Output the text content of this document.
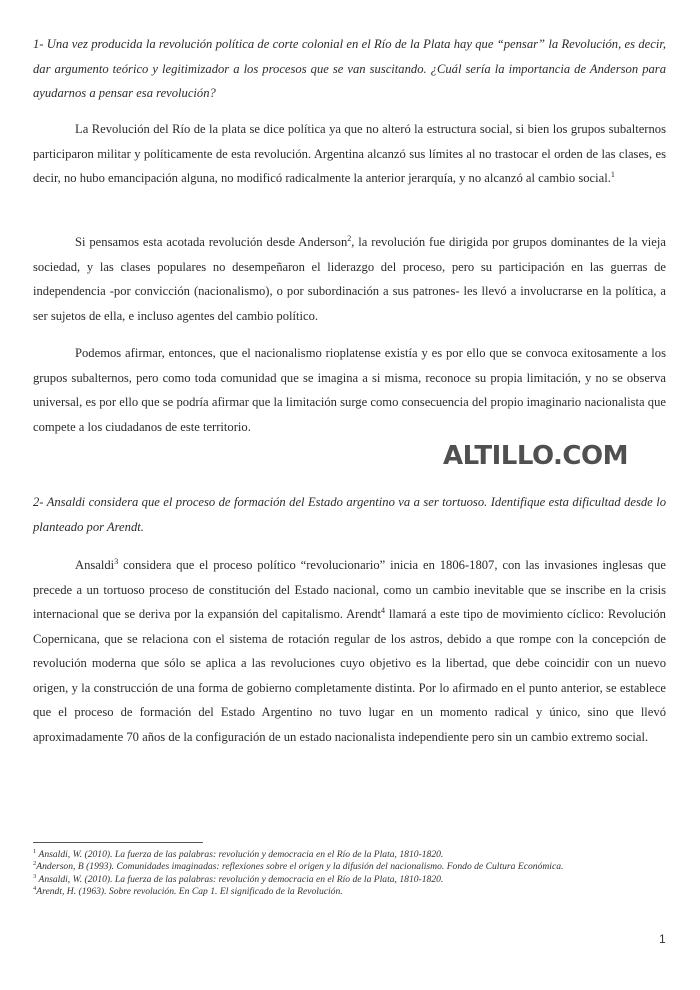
1- Una vez producida la revolución política de corte colonial en el Río de la Plata hay que “pensar” la Revolución, es decir, dar argumento teórico y legitimizador a los procesos que se van suscitando. ¿Cuál sería la importancia de Anderson para ayudarnos a pensar esa revolución?

La Revolución del Río de la plata se dice política ya que no alteró la estructura social, si bien los grupos subalternos participaron militar y políticamente de esta revolución. Argentina alcanzó sus límites al no trastocar el orden de las clases, es decir, no hubo emancipación alguna, no modificó radicalmente la anterior jerarquía, y no alcanzó al cambio social.$^1$

Si pensamos esta acotada revolución desde Anderson$^2$, la revolución fue dirigida por grupos dominantes de la vieja sociedad, y las clases populares no desempeñaron el liderazgo del proceso, pero su participación en las guerras de independencia -por convicción (nacionalismo), o por subordinación a sus patrones- les llevó a involucrarse en la política, a ser sujetos de ella, e incluso agentes del cambio político.

Podemos afirmar, entonces, que el nacionalismo rioplatense existía y es por ello que se convoca exitosamente a los grupos subalternos, pero como toda comunidad que se imagina a si misma, reconoce su propia limitación, y no se observa universal, es por ello que se podría afirmar que la limitación surge como consecuencia del propio imaginario nacionalista que compete a los ciudadanos de este territorio.

ALTILLO.COM

2- Ansaldi considera que el proceso de formación del Estado argentino va a ser tortuoso. Identifique esta dificultad desde lo planteado por Arendt.

Ansaldi$^3$ considera que el proceso político “revolucionario” inicia en 1806-1807, con las invasiones inglesas que precede a un tortuoso proceso de constitución del Estado nacional, como un cambio inevitable que se inscribe en la crisis internacional que se deriva por la expansión del capitalismo. Arendt$^4$ llamará a este tipo de movimiento cíclico: Revolución Copernicana, que se relaciona con el sistema de rotación regular de los astros, debido a que rompe con la concepción de revolución moderna que sólo se aplica a las revoluciones cuyo objetivo es la libertad, que debe coincidir con un nuevo origen, y la construcción de una forma de gobierno completamente distinta. Por lo afirmado en el punto anterior, se establece que el proceso de formación del Estado Argentino no tuvo lugar en un momento radical y único, sino que llevó aproximadamente 70 años de la configuración de un estado nacionalista independiente pero sin un cambio extremo social.

$^1$ Ansaldi, W. (2010). La fuerza de las palabras: revolución y democracia en el Río de la Plata, 1810-1820.

$^2$Anderson, B (1993). Comunidades imaginadas: reflexiones sobre el origen y la difusión del nacionalismo. Fondo de Cultura Económica.

$^3$ Ansaldi, W. (2010). La fuerza de las palabras: revolución y democracia en el Río de la Plata, 1810-1820.

$^4$Arendt, H. (1963). Sobre revolución. En Cap 1. El significado de la Revolución.

1
